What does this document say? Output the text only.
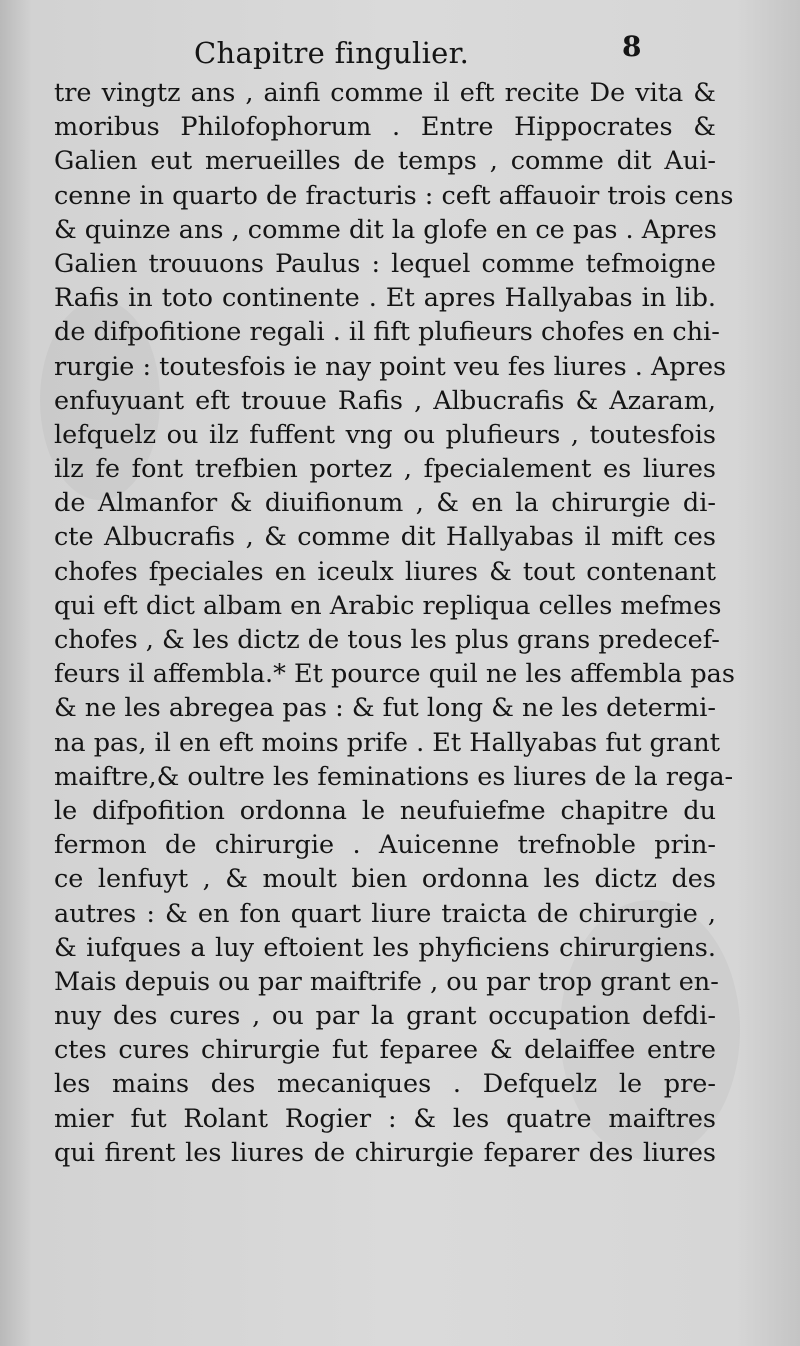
Chapitre fingulier.	8
tre vingtz ans , ainfi comme il eft recite De vita &
moribus Philofophorum . Entre Hippocrates &
Galien eut merueilles de temps , comme dit Aui-
cenne in quarto de fracturis : ceft affauoir trois cens
& quinze ans , comme dit la glofe en ce pas . Apres
Galien trouuons Paulus : lequel comme tefmoigne
Rafis in toto continente . Et apres Hallyabas in lib.
de difpofitione regali . il fift plufieurs chofes en chi-
rurgie : toutesfois ie nay point veu fes liures . Apres
enfuyuant eft trouue Rafis , Albucrafis & Azaram,
lefquelz ou ilz fuffent vng ou plufieurs , toutesfois
ilz fe font trefbien portez , fpecialement es liures
de Almanfor & diuifionum , & en la chirurgie di-
cte Albucrafis , & comme dit Hallyabas il mift ces
chofes fpeciales en iceulx liures & tout contenant
qui eft dict albam en Arabic repliqua celles mefmes
chofes , & les dictz de tous les plus grans predecef-
feurs il affembla.* Et pource quil ne les affembla pas
& ne les abregea pas : & fut long & ne les determi-
na pas, il en eft moins prife . Et Hallyabas fut grant
maiftre,& oultre les feminations es liures de la rega-
le difpofition ordonna le neufuiefme chapitre du
fermon de chirurgie . Auicenne trefnoble prin-
ce lenfuyt , & moult bien ordonna les dictz des
autres : & en fon quart liure traicta de chirurgie ,
& iufques a luy eftoient les phyficiens chirurgiens.
Mais depuis ou par maiftrife , ou par trop grant en-
nuy des cures , ou par la grant occupation defdi-
ctes cures chirurgie fut feparee & delaiffee entre
les mains des mecaniques . Defquelz le pre-
mier fut Rolant Rogier : & les quatre maiftres
qui firent les liures de chirurgie feparer des liures
